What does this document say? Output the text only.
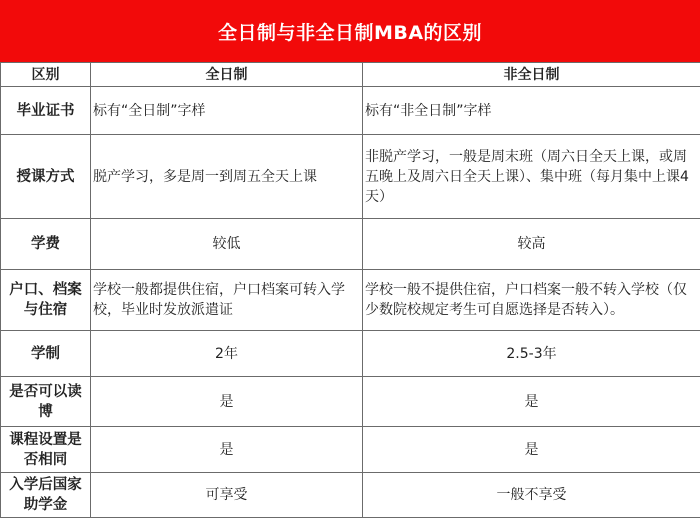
全日制与非全日制MBA的区别
区别	全日制	非全日制
毕业证书	标有“全日制”字样	标有“非全日制”字样
授课方式	脱产学习，多是周一到周五全天上课	非脱产学习，一般是周末班（周六日全天上课，或周五晚上及周六日全天上课）、集中班（每月集中上课4天）
学费	较低	较高
户口、档案与住宿	学校一般都提供住宿，户口档案可转入学校，毕业时发放派遣证	学校一般不提供住宿，户口档案一般不转入学校（仅少数院校规定考生可自愿选择是否转入）。
学制	2年	2.5-3年
是否可以读博	是	是
课程设置是否相同	是	是
入学后国家助学金	可享受	一般不享受
